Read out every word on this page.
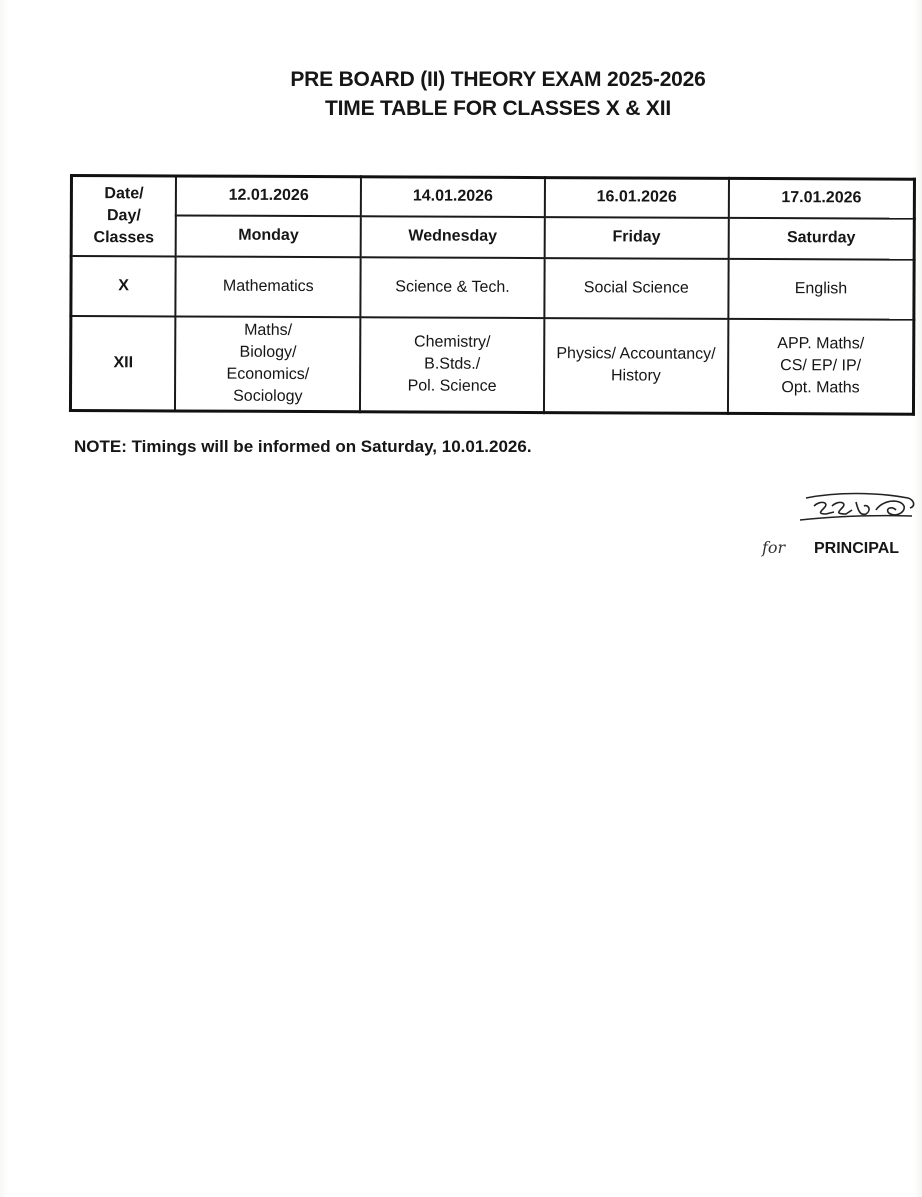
PRE BOARD (II) THEORY EXAM 2025-2026
TIME TABLE FOR CLASSES X & XII
Date/
Day/
Classes	12.01.2026	14.01.2026	16.01.2026	17.01.2026
	Monday	Wednesday	Friday	Saturday
X	Mathematics	Science & Tech.	Social Science	English
XII	Maths/
Biology/
Economics/
Sociology	Chemistry/
B.Stds./
Pol. Science	Physics/ Accountancy/
History	APP. Maths/
CS/ EP/ IP/
Opt. Maths
NOTE: Timings will be informed on Saturday, 10.01.2026.
for PRINCIPAL
